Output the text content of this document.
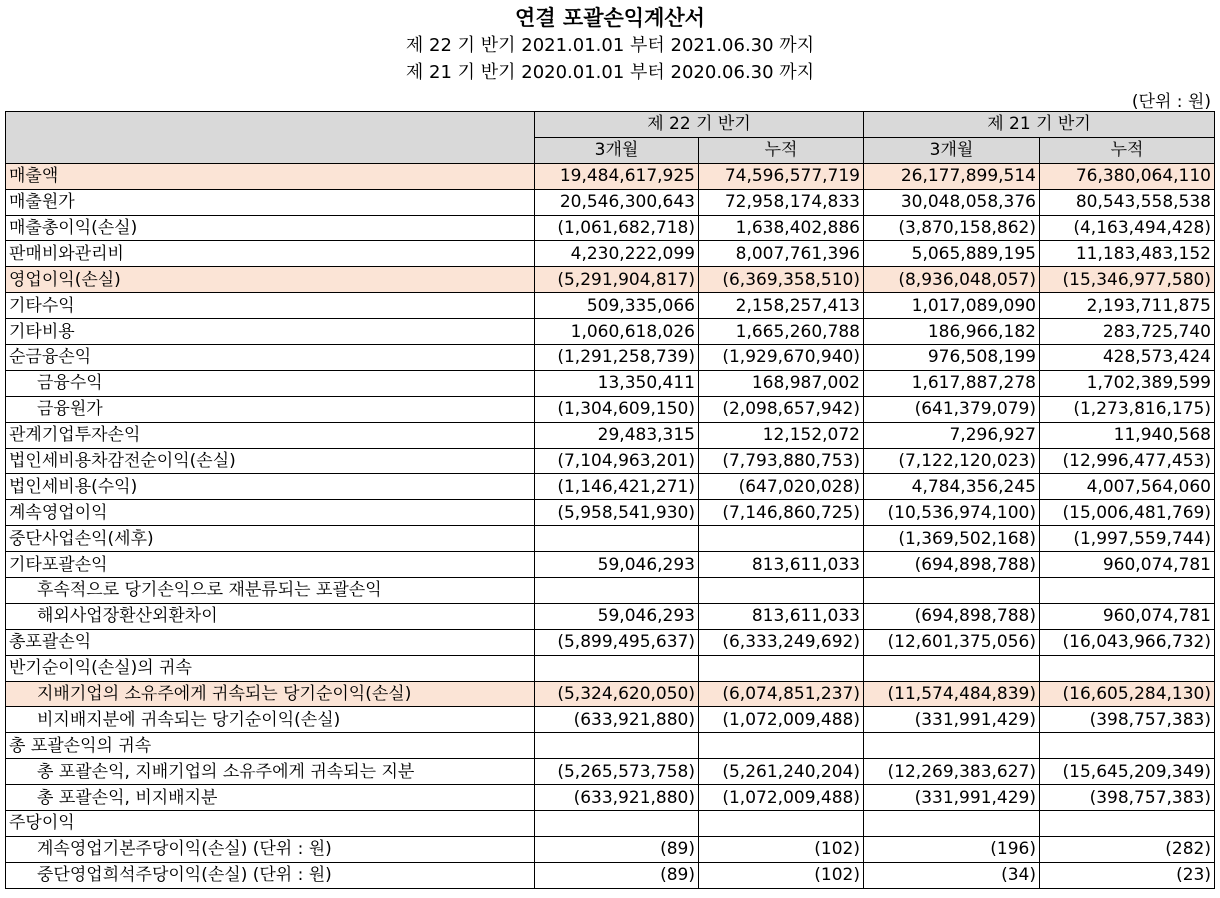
연결 포괄손익계산서
제 22 기 반기 2021.01.01 부터 2021.06.30 까지
제 21 기 반기 2020.01.01 부터 2020.06.30 까지
(단위 : 원)
	제 22 기 반기		제 21 기 반기	
	3개월	누적	3개월	누적
매출액	19,484,617,925	74,596,577,719	26,177,899,514	76,380,064,110
매출원가	20,546,300,643	72,958,174,833	30,048,058,376	80,543,558,538
매출총이익(손실)	(1,061,682,718)	1,638,402,886	(3,870,158,862)	(4,163,494,428)
판매비와관리비	4,230,222,099	8,007,761,396	5,065,889,195	11,183,483,152
영업이익(손실)	(5,291,904,817)	(6,369,358,510)	(8,936,048,057)	(15,346,977,580)
기타수익	509,335,066	2,158,257,413	1,017,089,090	2,193,711,875
기타비용	1,060,618,026	1,665,260,788	186,966,182	283,725,740
순금융손익	(1,291,258,739)	(1,929,670,940)	976,508,199	428,573,424
금융수익	13,350,411	168,987,002	1,617,887,278	1,702,389,599
금융원가	(1,304,609,150)	(2,098,657,942)	(641,379,079)	(1,273,816,175)
관계기업투자손익	29,483,315	12,152,072	7,296,927	11,940,568
법인세비용차감전순이익(손실)	(7,104,963,201)	(7,793,880,753)	(7,122,120,023)	(12,996,477,453)
법인세비용(수익)	(1,146,421,271)	(647,020,028)	4,784,356,245	4,007,564,060
계속영업이익	(5,958,541,930)	(7,146,860,725)	(10,536,974,100)	(15,006,481,769)
중단사업손익(세후)			(1,369,502,168)	(1,997,559,744)
기타포괄손익	59,046,293	813,611,033	(694,898,788)	960,074,781
후속적으로 당기손익으로 재분류되는 포괄손익				
해외사업장환산외환차이	59,046,293	813,611,033	(694,898,788)	960,074,781
총포괄손익	(5,899,495,637)	(6,333,249,692)	(12,601,375,056)	(16,043,966,732)
반기순이익(손실)의 귀속				
지배기업의 소유주에게 귀속되는 당기순이익(손실)	(5,324,620,050)	(6,074,851,237)	(11,574,484,839)	(16,605,284,130)
비지배지분에 귀속되는 당기순이익(손실)	(633,921,880)	(1,072,009,488)	(331,991,429)	(398,757,383)
총 포괄손익의 귀속				
총 포괄손익, 지배기업의 소유주에게 귀속되는 지분	(5,265,573,758)	(5,261,240,204)	(12,269,383,627)	(15,645,209,349)
총 포괄손익, 비지배지분	(633,921,880)	(1,072,009,488)	(331,991,429)	(398,757,383)
주당이익				
계속영업기본주당이익(손실) (단위 : 원)	(89)	(102)	(196)	(282)
중단영업희석주당이익(손실) (단위 : 원)	(89)	(102)	(34)	(23)
